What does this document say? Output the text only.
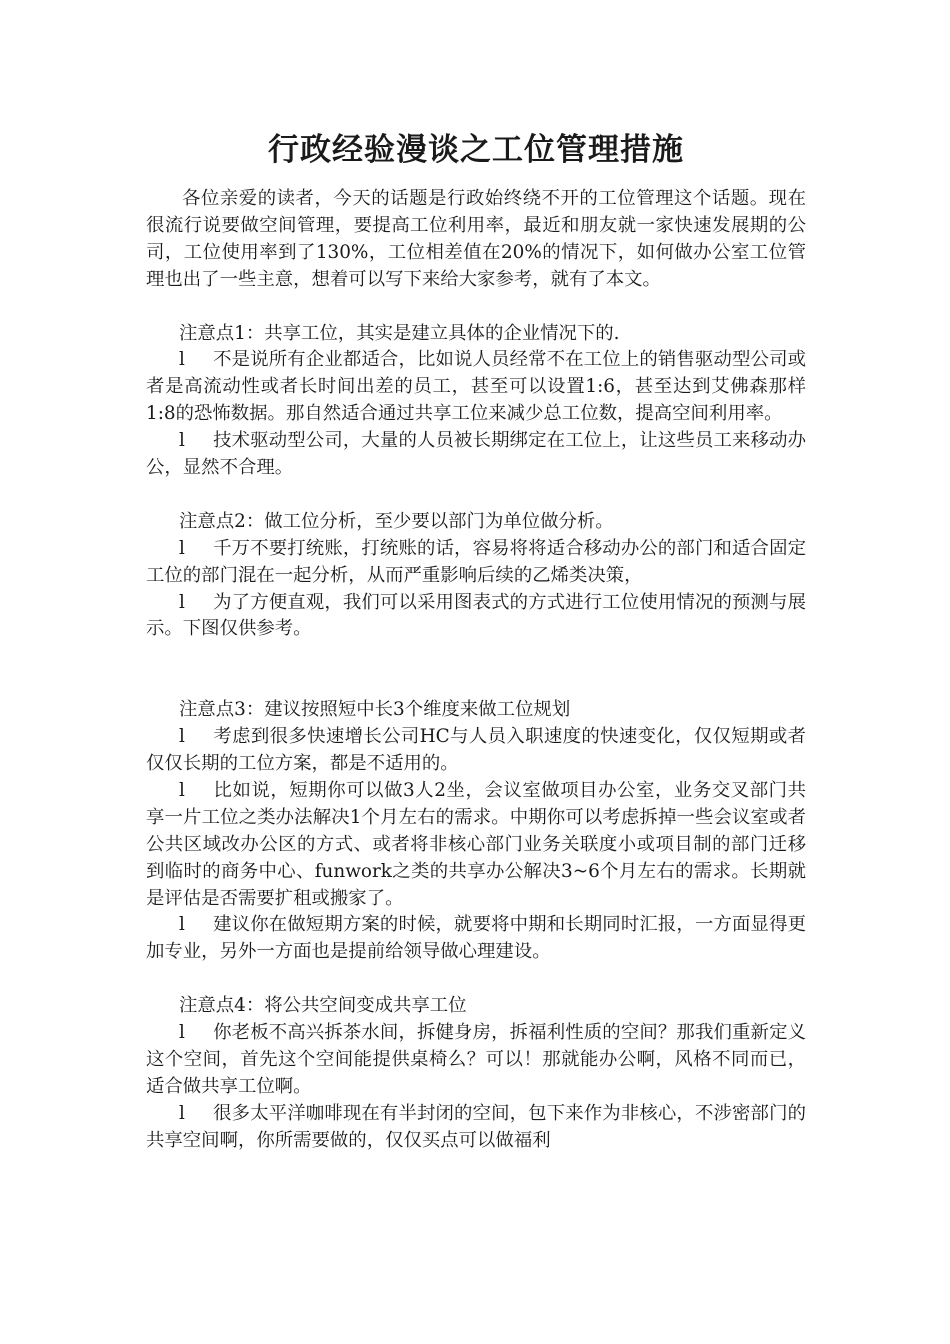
行政经验漫谈之工位管理措施

各位亲爱的读者，今天的话题是行政始终绕不开的工位管理这个话题。现在很流行说要做空间管理，要提高工位利用率，最近和朋友就一家快速发展期的公司，工位使用率到了130%，工位相差值在20%的情况下，如何做办公室工位管理也出了一些主意，想着可以写下来给大家参考，就有了本文。

注意点1：共享工位，其实是建立具体的企业情况下的.

l 不是说所有企业都适合，比如说人员经常不在工位上的销售驱动型公司或者是高流动性或者长时间出差的员工，甚至可以设置1:6，甚至达到艾佛森那样1:8的恐怖数据。那自然适合通过共享工位来减少总工位数，提高空间利用率。

l 技术驱动型公司，大量的人员被长期绑定在工位上，让这些员工来移动办公，显然不合理。

注意点2：做工位分析，至少要以部门为单位做分析。

l 千万不要打统账，打统账的话，容易将将适合移动办公的部门和适合固定工位的部门混在一起分析，从而严重影响后续的乙烯类决策，

l 为了方便直观，我们可以采用图表式的方式进行工位使用情况的预测与展示。下图仅供参考。

注意点3：建议按照短中长3个维度来做工位规划

l 考虑到很多快速增长公司HC与人员入职速度的快速变化，仅仅短期或者仅仅长期的工位方案，都是不适用的。

l 比如说，短期你可以做3人2坐，会议室做项目办公室，业务交叉部门共享一片工位之类办法解决1个月左右的需求。中期你可以考虑拆掉一些会议室或者公共区域改办公区的方式、或者将非核心部门业务关联度小或项目制的部门迁移到临时的商务中心、funwork之类的共享办公解决3~6个月左右的需求。长期就是评估是否需要扩租或搬家了。

l 建议你在做短期方案的时候，就要将中期和长期同时汇报，一方面显得更加专业，另外一方面也是提前给领导做心理建设。

注意点4：将公共空间变成共享工位

l 你老板不高兴拆茶水间，拆健身房，拆福利性质的空间？那我们重新定义这个空间，首先这个空间能提供桌椅么？可以！那就能办公啊，风格不同而已，适合做共享工位啊。

l 很多太平洋咖啡现在有半封闭的空间，包下来作为非核心，不涉密部门的共享空间啊，你所需要做的，仅仅买点可以做福利
